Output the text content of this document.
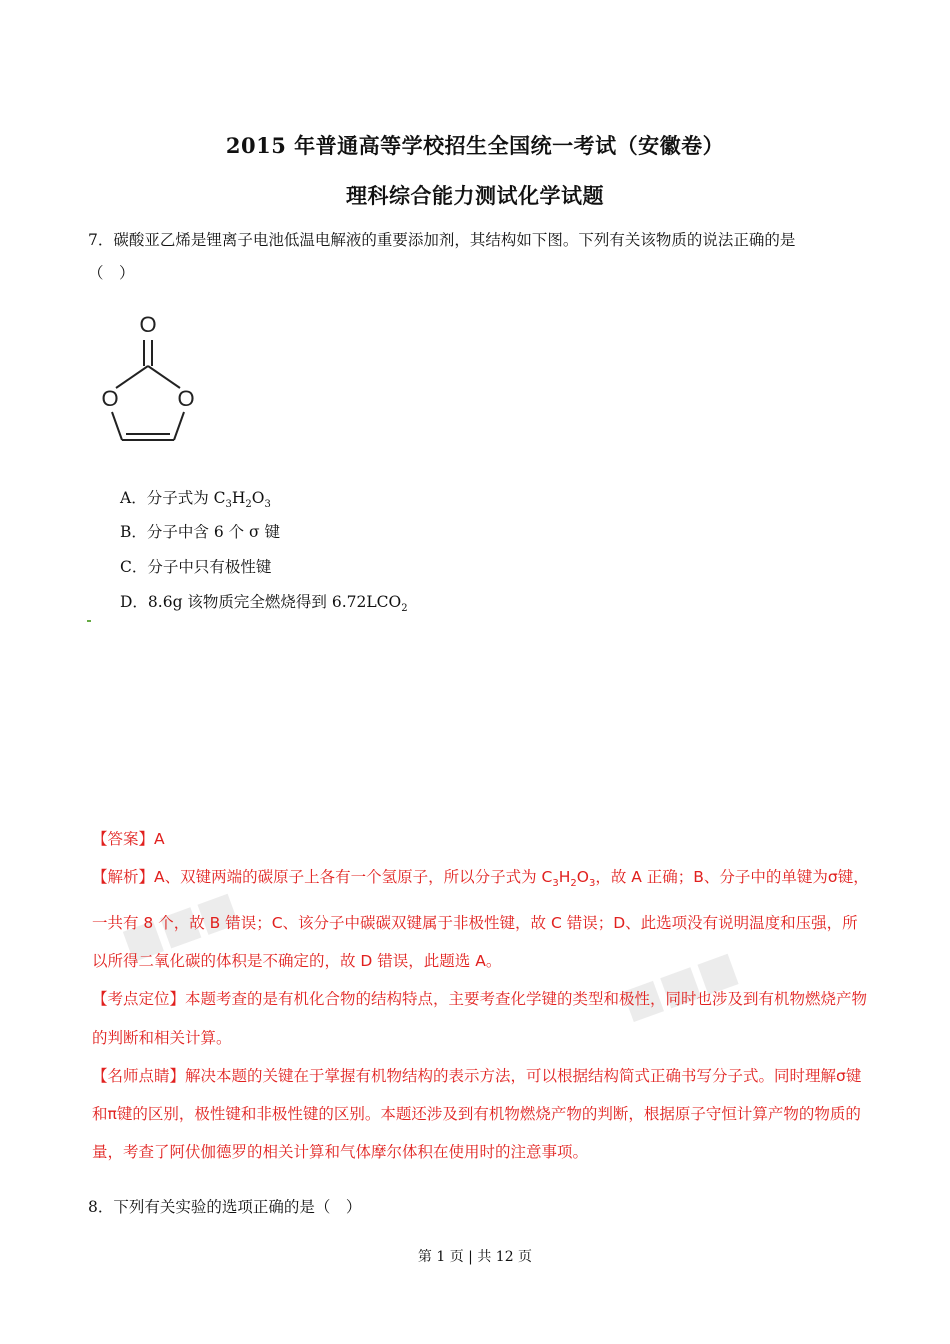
2015 年普通高等学校招生全国统一考试（安徽卷）
理科综合能力测试化学试题
7．碳酸亚乙烯是锂离子电池低温电解液的重要添加剂，其结构如下图。下列有关该物质的说法正确的是
（　）
O
O	O
A．分子式为 $C_3H_2O_3$
B．分子中含 6 个 σ 键
C．分子中只有极性键
D．8.6g 该物质完全燃烧得到 $6.72LCO_2$
■■■
■■■

【答案】A

【解析】A、双键两端的碳原子上各有一个氢原子，所以分子式为 $C_3H_2O_3$，故 A 正确；B、分子中的单键为σ键，一共有 8 个，故 B 错误；C、该分子中碳碳双键属于非极性键，故 C 错误；D、此选项没有说明温度和压强，所以所得二氧化碳的体积是不确定的，故 D 错误，此题选 A。

【考点定位】本题考查的是有机化合物的结构特点，主要考查化学键的类型和极性，同时也涉及到有机物燃烧产物的判断和相关计算。

【名师点睛】解决本题的关键在于掌握有机物结构的表示方法，可以根据结构简式正确书写分子式。同时理解σ键和π键的区别，极性键和非极性键的区别。本题还涉及到有机物燃烧产物的判断，根据原子守恒计算产物的物质的量，考查了阿伏伽德罗的相关计算和气体摩尔体积在使用时的注意事项。

8．下列有关实验的选项正确的是（　）
第 1 页 | 共 12 页
